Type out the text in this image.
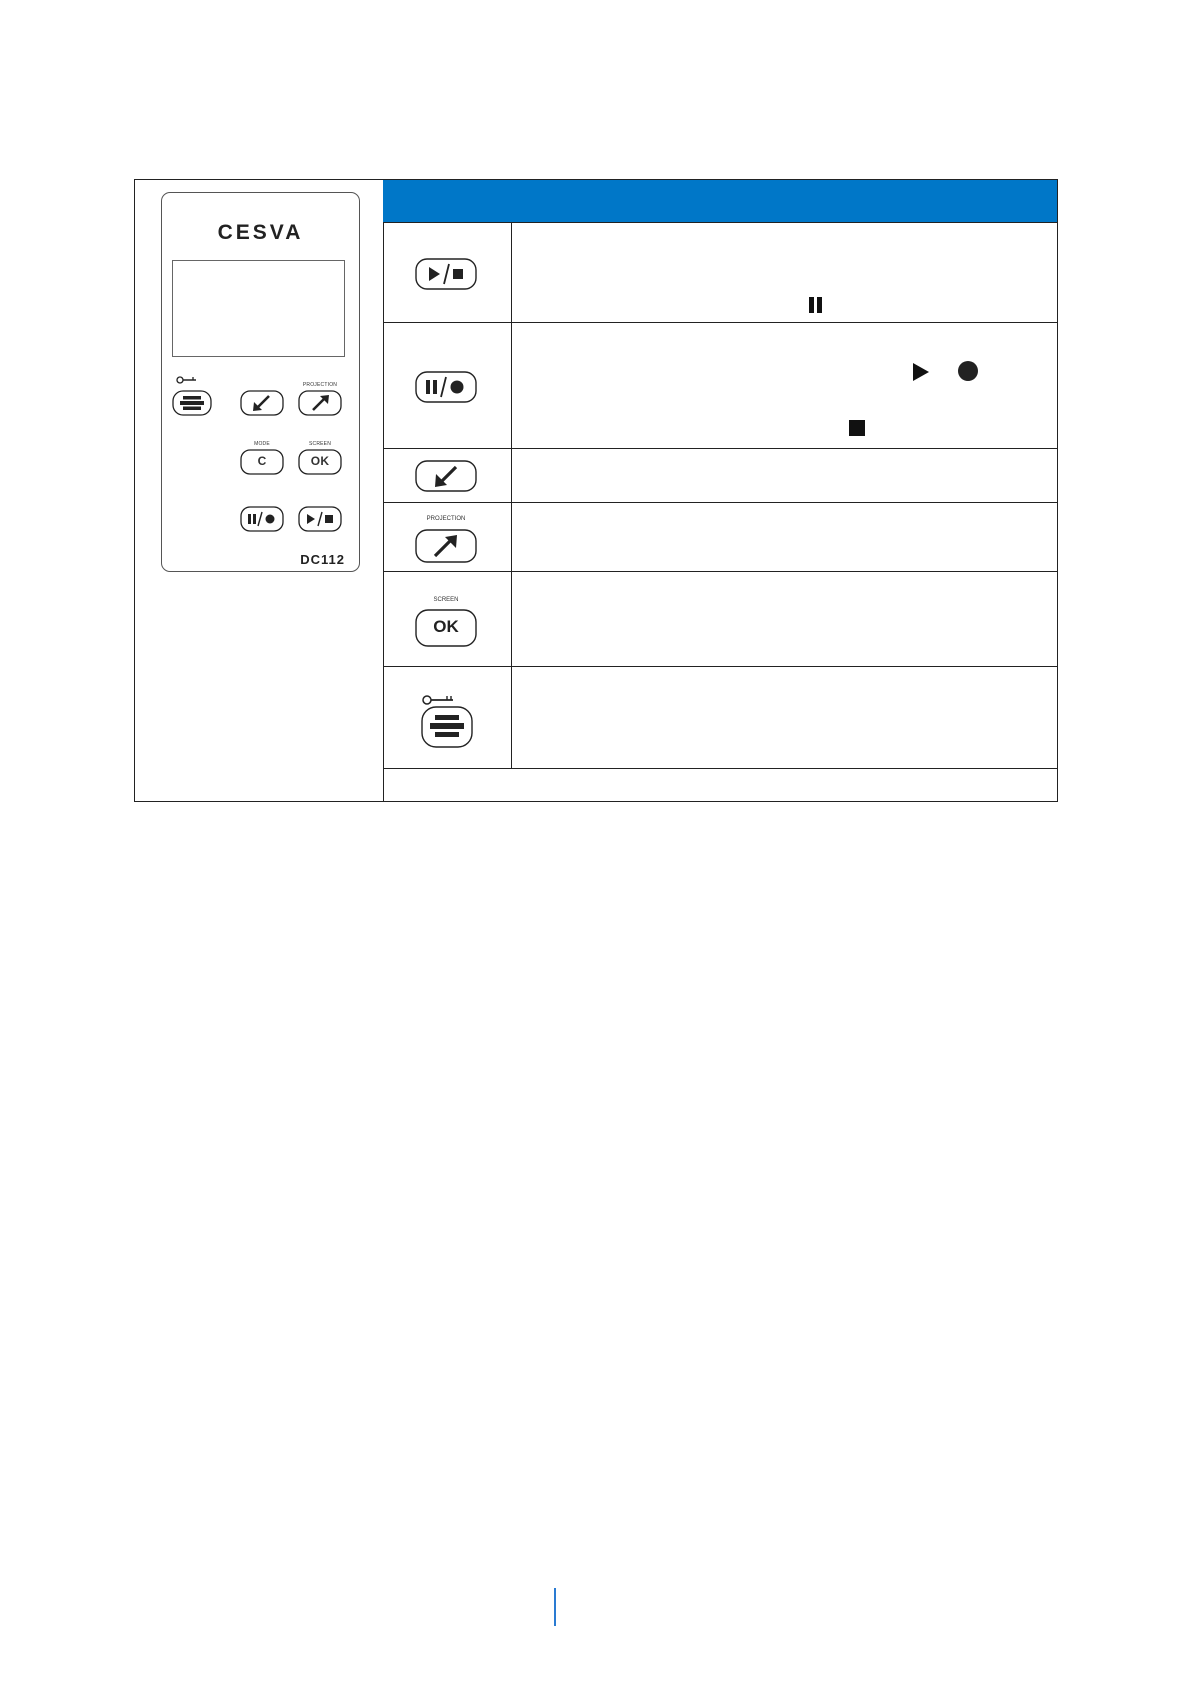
CESVA
PROJECTION
MODE
C
SCREEN
OK
DC112
PROJECTION
SCREEN
OK
